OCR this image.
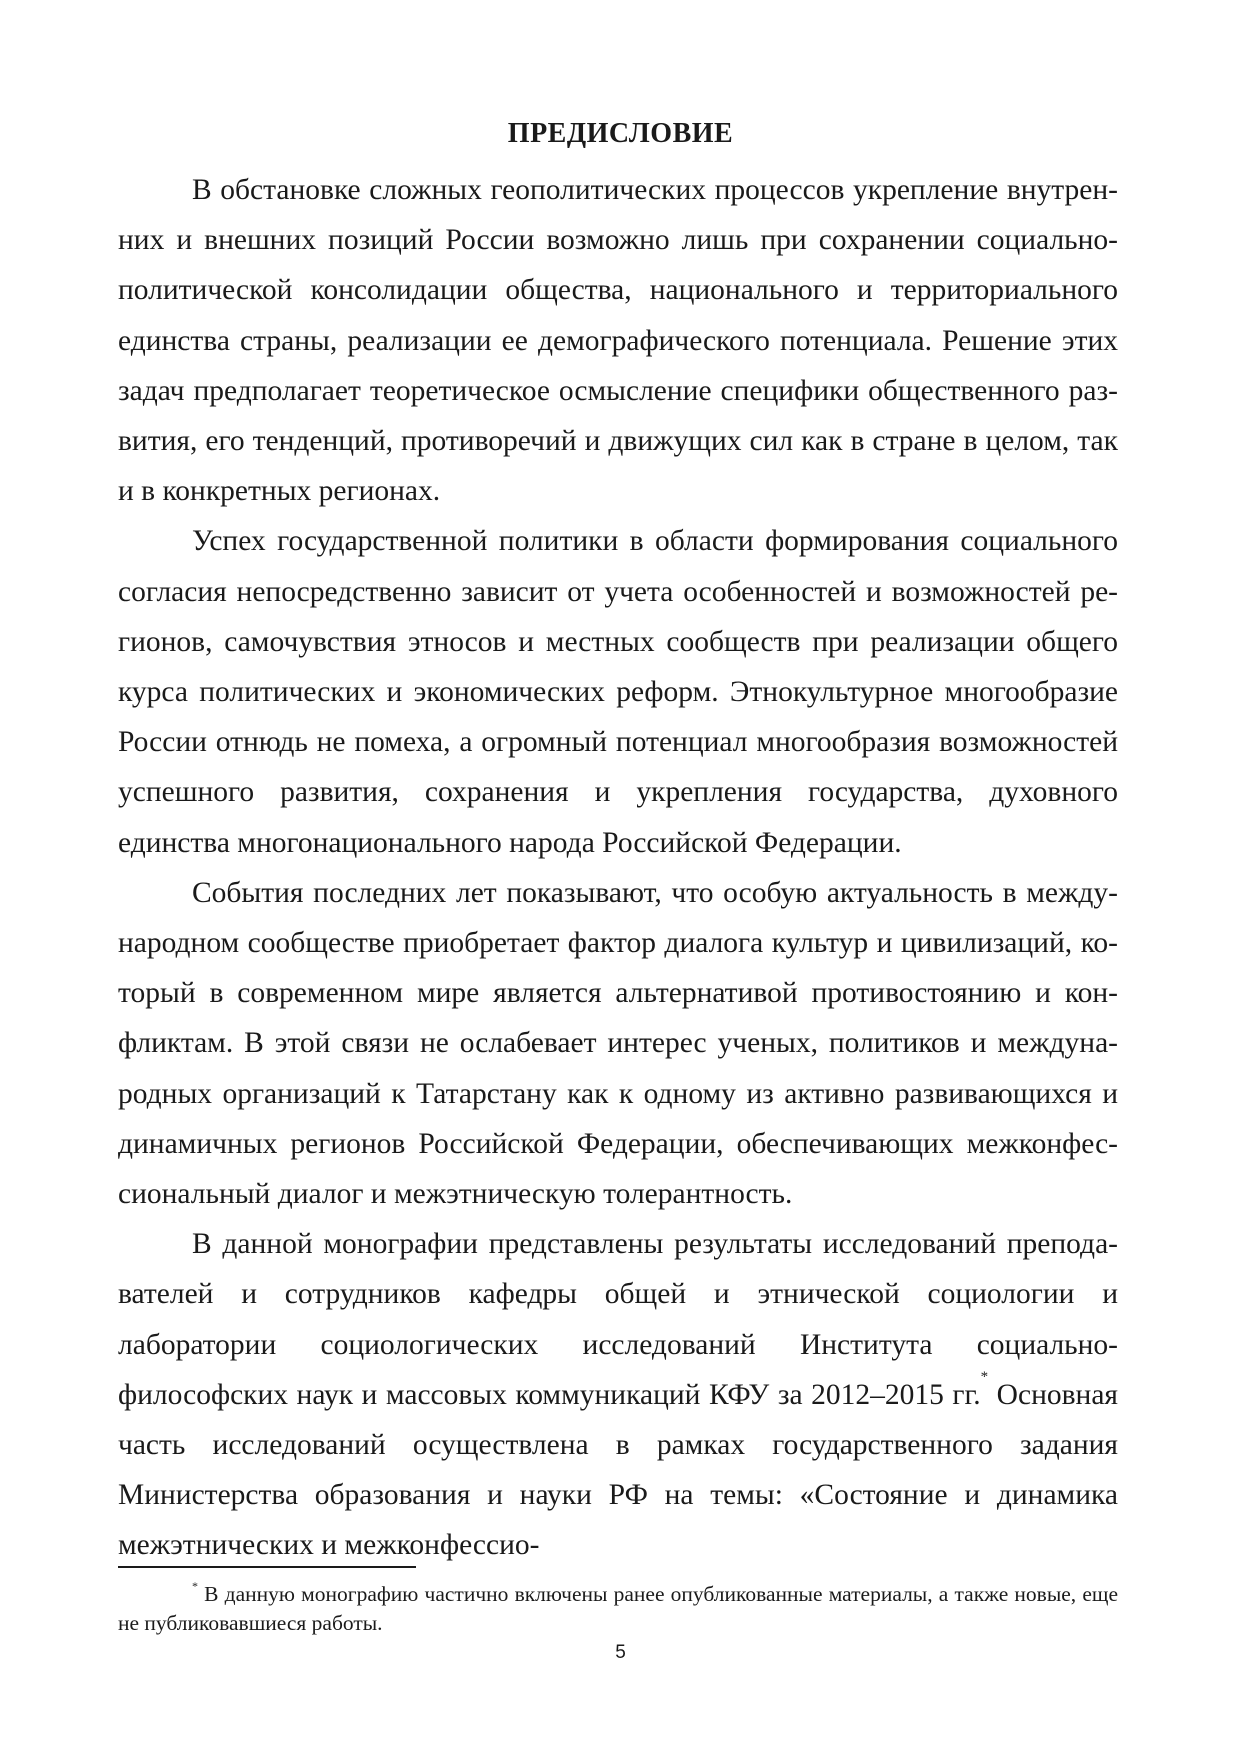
ПРЕДИСЛОВИЕ

В обстановке сложных геополитических процессов укрепление внутренних и внешних позиций России возможно лишь при сохранении социально-политической консолидации общества, национального и территориального единства страны, реализации ее демографического потенциала. Решение этих задач предполагает теоретическое осмысление специфики общественного развития, его тенденций, противоречий и движущих сил как в стране в целом, так и в конкретных регионах.

Успех государственной политики в области формирования социального согласия непосредственно зависит от учета особенностей и возможностей регионов, самочувствия этносов и местных сообществ при реализации общего курса политических и экономических реформ. Этнокультурное многообразие России отнюдь не помеха, а огромный потенциал многообразия возможностей успешного развития, сохранения и укрепления государства, духовного единства многонационального народа Российской Федерации.

События последних лет показывают, что особую актуальность в международном сообществе приобретает фактор диалога культур и цивилизаций, который в современном мире является альтернативой противостоянию и конфликтам. В этой связи не ослабевает интерес ученых, политиков и международных организаций к Татарстану как к одному из активно развивающихся и динамичных регионов Российской Федерации, обеспечивающих межконфессиональный диалог и межэтническую толерантность.

В данной монографии представлены результаты исследований преподавателей и сотрудников кафедры общей и этнической социологии и лаборатории социологических исследований Института социально-философских наук и массовых коммуникаций КФУ за 2012–2015 гг.* Основная часть исследований осуществлена в рамках государственного задания Министерства образования и науки РФ на темы: «Состояние и динамика межэтнических и межконфессио-

* В данную монографию частично включены ранее опубликованные материалы, а также новые, еще не публиковавшиеся работы.

5
